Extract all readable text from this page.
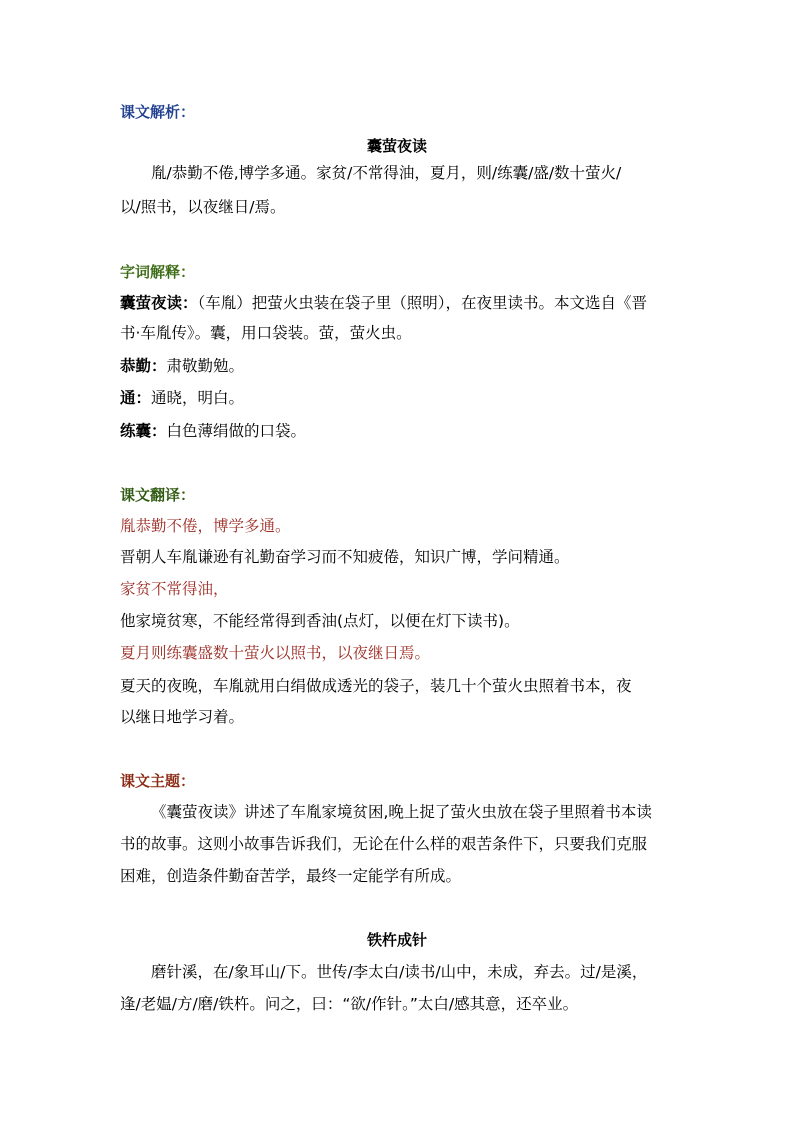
课文解析：
囊萤夜读
胤/恭勤不倦,博学多通。家贫/不常得油，夏月，则/练囊/盛/数十萤火/
以/照书，以夜继日/焉。
字词解释：
囊萤夜读：（车胤）把萤火虫装在袋子里（照明），在夜里读书。本文选自《晋
书·车胤传》。囊，用口袋装。萤，萤火虫。
恭勤：肃敬勤勉。
通：通晓，明白。
练囊：白色薄绢做的口袋。
课文翻译：
胤恭勤不倦，博学多通。
晋朝人车胤谦逊有礼勤奋学习而不知疲倦，知识广博，学问精通。
家贫不常得油，
他家境贫寒，不能经常得到香油(点灯，以便在灯下读书)。
夏月则练囊盛数十萤火以照书，以夜继日焉。
夏天的夜晚，车胤就用白绢做成透光的袋子，装几十个萤火虫照着书本，夜
以继日地学习着。
课文主题：
《囊萤夜读》讲述了车胤家境贫困,晚上捉了萤火虫放在袋子里照着书本读
书的故事。这则小故事告诉我们，无论在什么样的艰苦条件下，只要我们克服
困难，创造条件勤奋苦学，最终一定能学有所成。
铁杵成针
磨针溪，在/象耳山/下。世传/李太白/读书/山中，未成，弃去。过/是溪，
逢/老媪/方/磨/铁杵。问之，曰：“欲/作针。”太白/感其意，还卒业。
